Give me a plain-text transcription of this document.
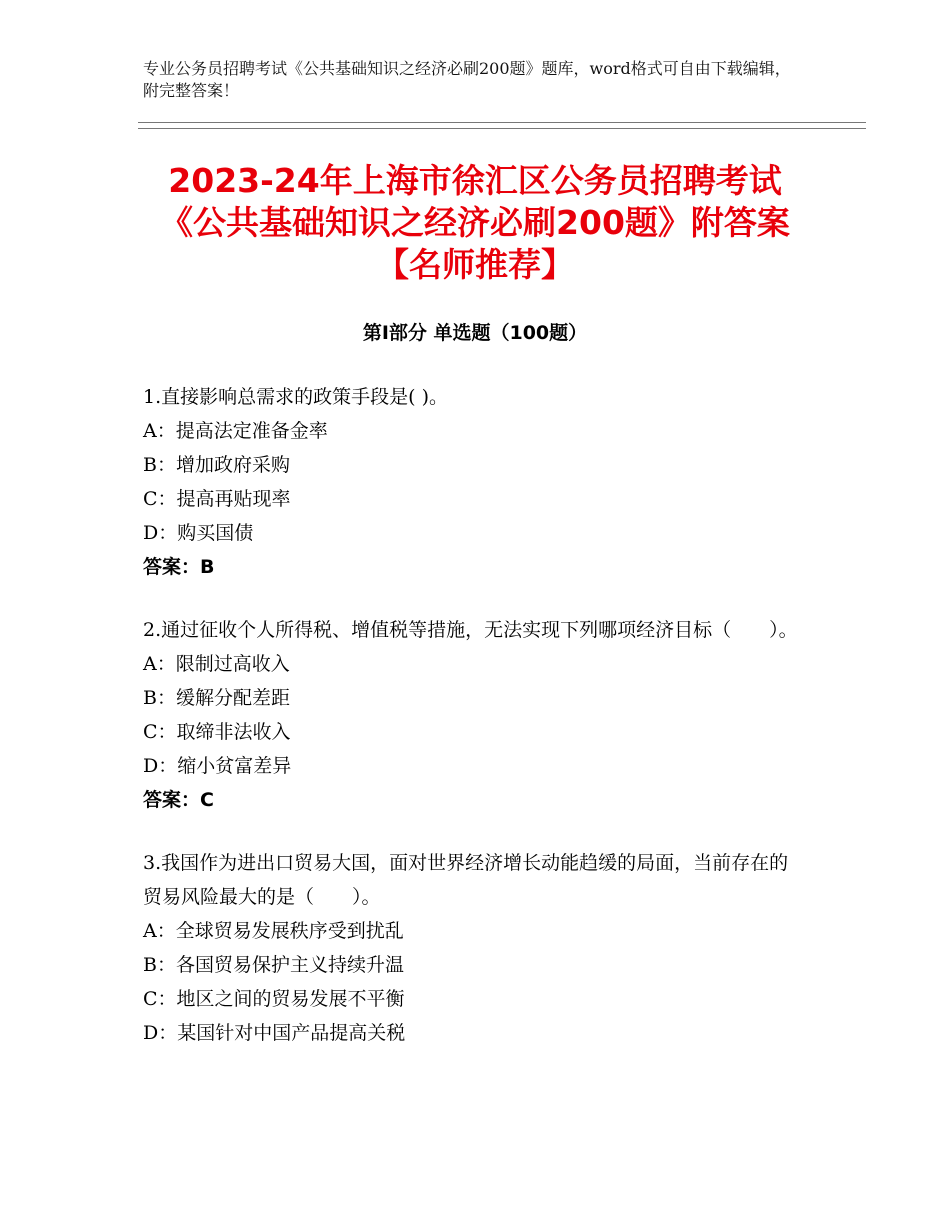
专业公务员招聘考试《公共基础知识之经济必刷200题》题库，word格式可自由下载编辑，附完整答案！
2023-24年上海市徐汇区公务员招聘考试
《公共基础知识之经济必刷200题》附答案
【名师推荐】
第Ⅰ部分 单选题（100题）
1.直接影响总需求的政策手段是( )。
A：提高法定准备金率
B：增加政府采购
C：提高再贴现率
D：购买国债
答案：B
2.通过征收个人所得税、增值税等措施，无法实现下列哪项经济目标（　　）。
A：限制过高收入
B：缓解分配差距
C：取缔非法收入
D：缩小贫富差异
答案：C
3.我国作为进出口贸易大国，面对世界经济增长动能趋缓的局面，当前存在的贸易风险最大的是（　　）。
A：全球贸易发展秩序受到扰乱
B：各国贸易保护主义持续升温
C：地区之间的贸易发展不平衡
D：某国针对中国产品提高关税
